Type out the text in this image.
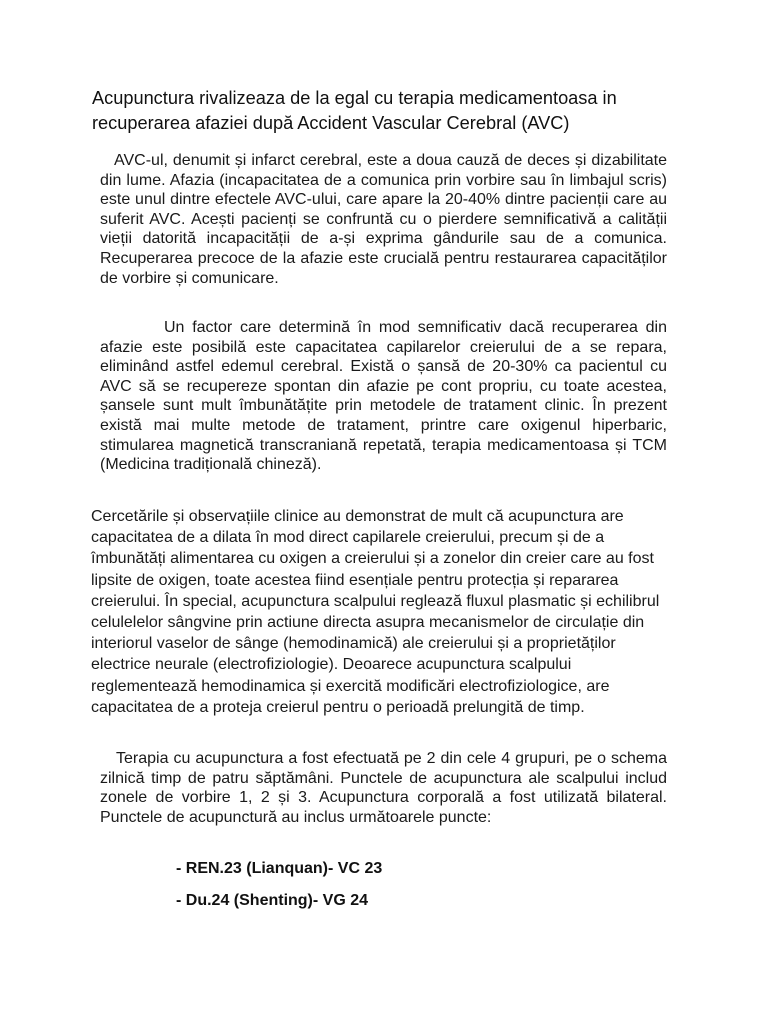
Acupunctura rivalizeaza de la egal cu terapia medicamentoasa in recuperarea afaziei după Accident Vascular Cerebral (AVC)

AVC-ul, denumit și infarct cerebral, este a doua cauză de deces și dizabilitate din lume. Afazia (incapacitatea de a comunica prin vorbire sau în limbajul scris) este unul dintre efectele AVC-ului, care apare la 20-40% dintre pacienții care au suferit AVC. Acești pacienți se confruntă cu o pierdere semnificativă a calității vieții datorită incapacității de a-și exprima gândurile sau de a comunica. Recuperarea precoce de la afazie este crucială pentru restaurarea capacităților de vorbire și comunicare.

Un factor care determină în mod semnificativ dacă recuperarea din afazie este posibilă este capacitatea capilarelor creierului de a se repara, eliminând astfel edemul cerebral. Există o șansă de 20-30% ca pacientul cu AVC să se recupereze spontan din afazie pe cont propriu, cu toate acestea, șansele sunt mult îmbunătățite prin metodele de tratament clinic. În prezent există mai multe metode de tratament, printre care oxigenul hiperbaric, stimularea magnetică transcraniană repetată, terapia medicamentoasa și TCM (Medicina tradițională chineză).

Cercetările și observațiile clinice au demonstrat de mult că acupunctura are capacitatea de a dilata în mod direct capilarele creierului, precum și de a îmbunătăți alimentarea cu oxigen a creierului și a zonelor din creier care au fost lipsite de oxigen, toate acestea fiind esențiale pentru protecția și repararea creierului. În special, acupunctura scalpului reglează fluxul plasmatic și echilibrul celulelelor sângvine prin actiune directa asupra mecanismelor de circulație din interiorul vaselor de sânge (hemodinamică) ale creierului și a proprietăților electrice neurale (electrofiziologie). Deoarece acupunctura scalpului reglementează hemodinamica și exercită modificări electrofiziologice, are capacitatea de a proteja creierul pentru o perioadă prelungită de timp.

Terapia cu acupunctura a fost efectuată pe 2 din cele 4 grupuri, pe o schema zilnică timp de patru săptămâni. Punctele de acupunctura ale scalpului includ zonele de vorbire 1, 2 și 3. Acupunctura corporală a fost utilizată bilateral. Punctele de acupunctură au inclus următoarele puncte:

- REN.23 (Lianquan)- VC 23

- Du.24 (Shenting)- VG 24
